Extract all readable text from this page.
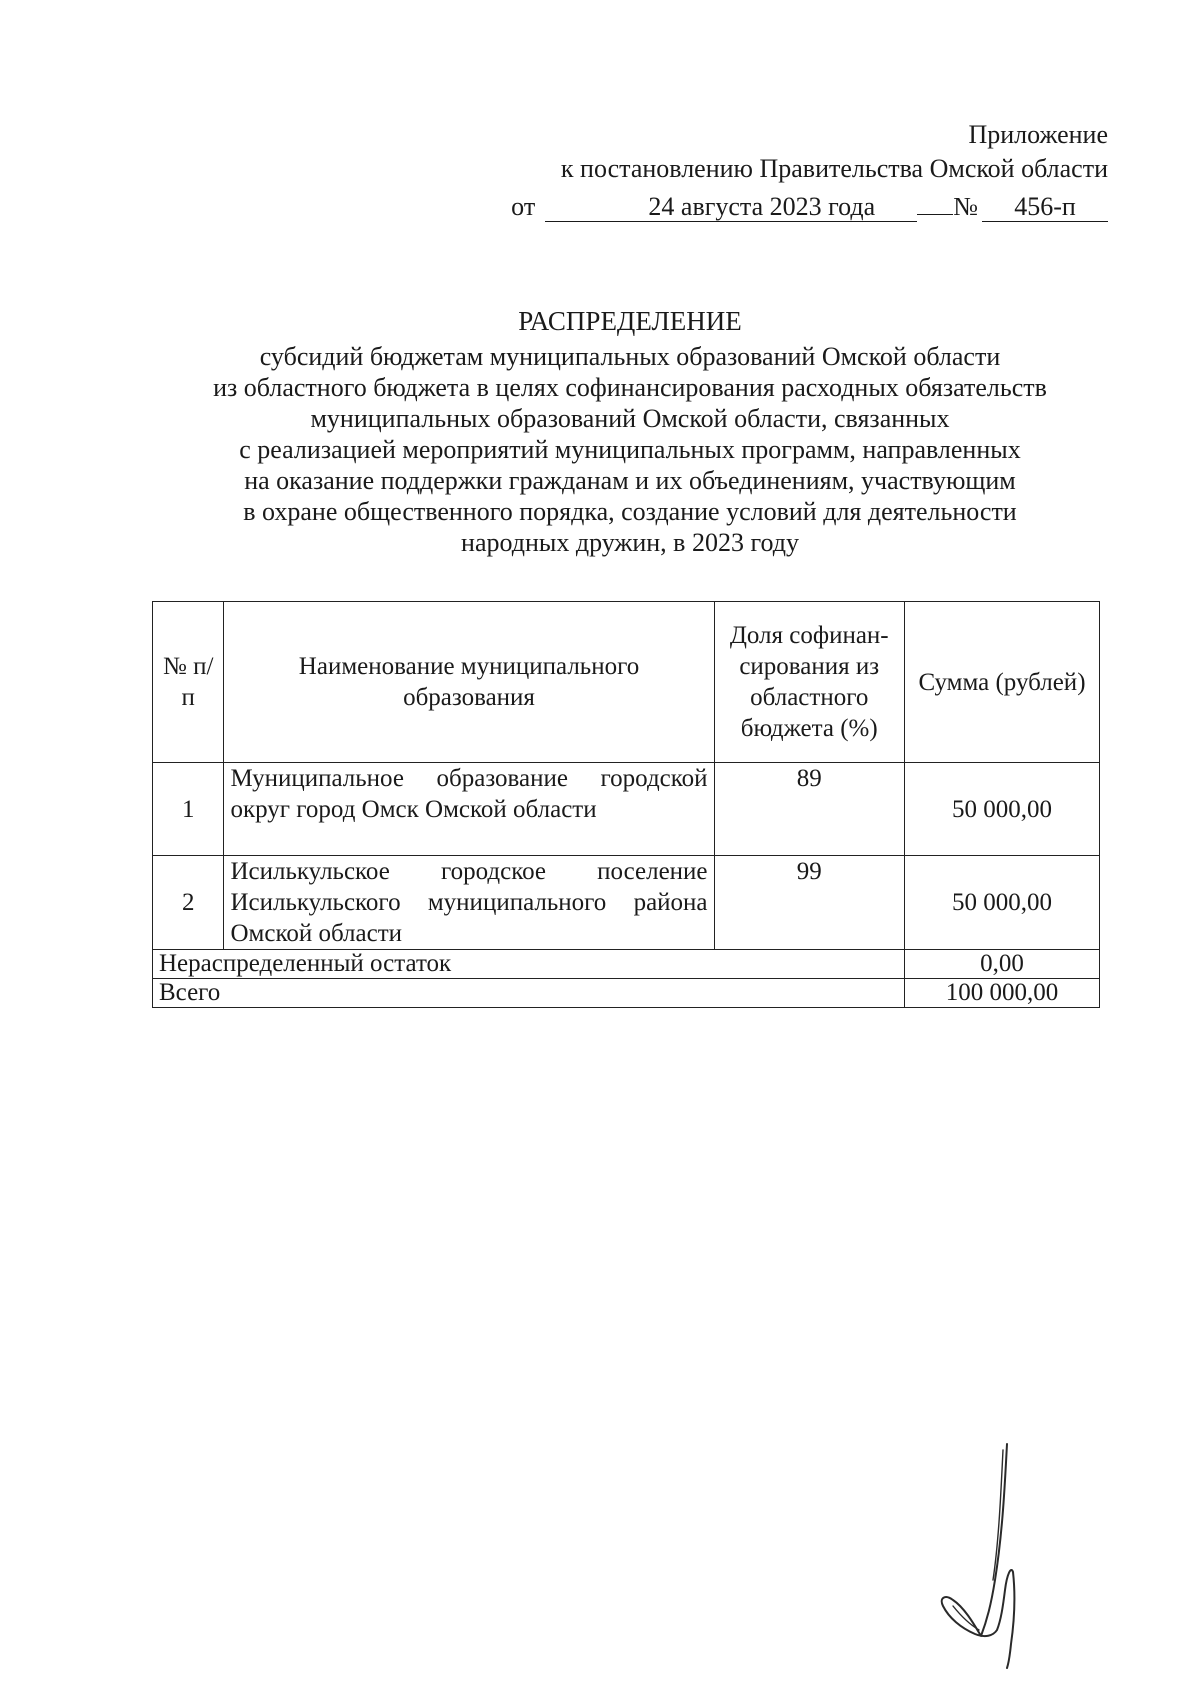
Приложение
к постановлению Правительства Омской области
от	24 августа 2023 года	№ 456-п
РАСПРЕДЕЛЕНИЕ
субсидий бюджетам муниципальных образований Омской области
из областного бюджета в целях софинансирования расходных обязательств
муниципальных образований Омской области, связанных
с реализацией мероприятий муниципальных программ, направленных
на оказание поддержки гражданам и их объединениям, участвующим
в охране общественного порядка, создание условий для деятельности
народных дружин, в 2023 году
№ п/п	Наименование муниципального образования	Доля софинан-сирования из областного бюджета (%)	Сумма (рублей)
1	Муниципальное образование городской округ город Омск Омской области	89	50 000,00
2	Исилькульское городское поселение Исилькульского муниципального района Омской области	99	50 000,00
Нераспределенный остаток			0,00
Всего			100 000,00
